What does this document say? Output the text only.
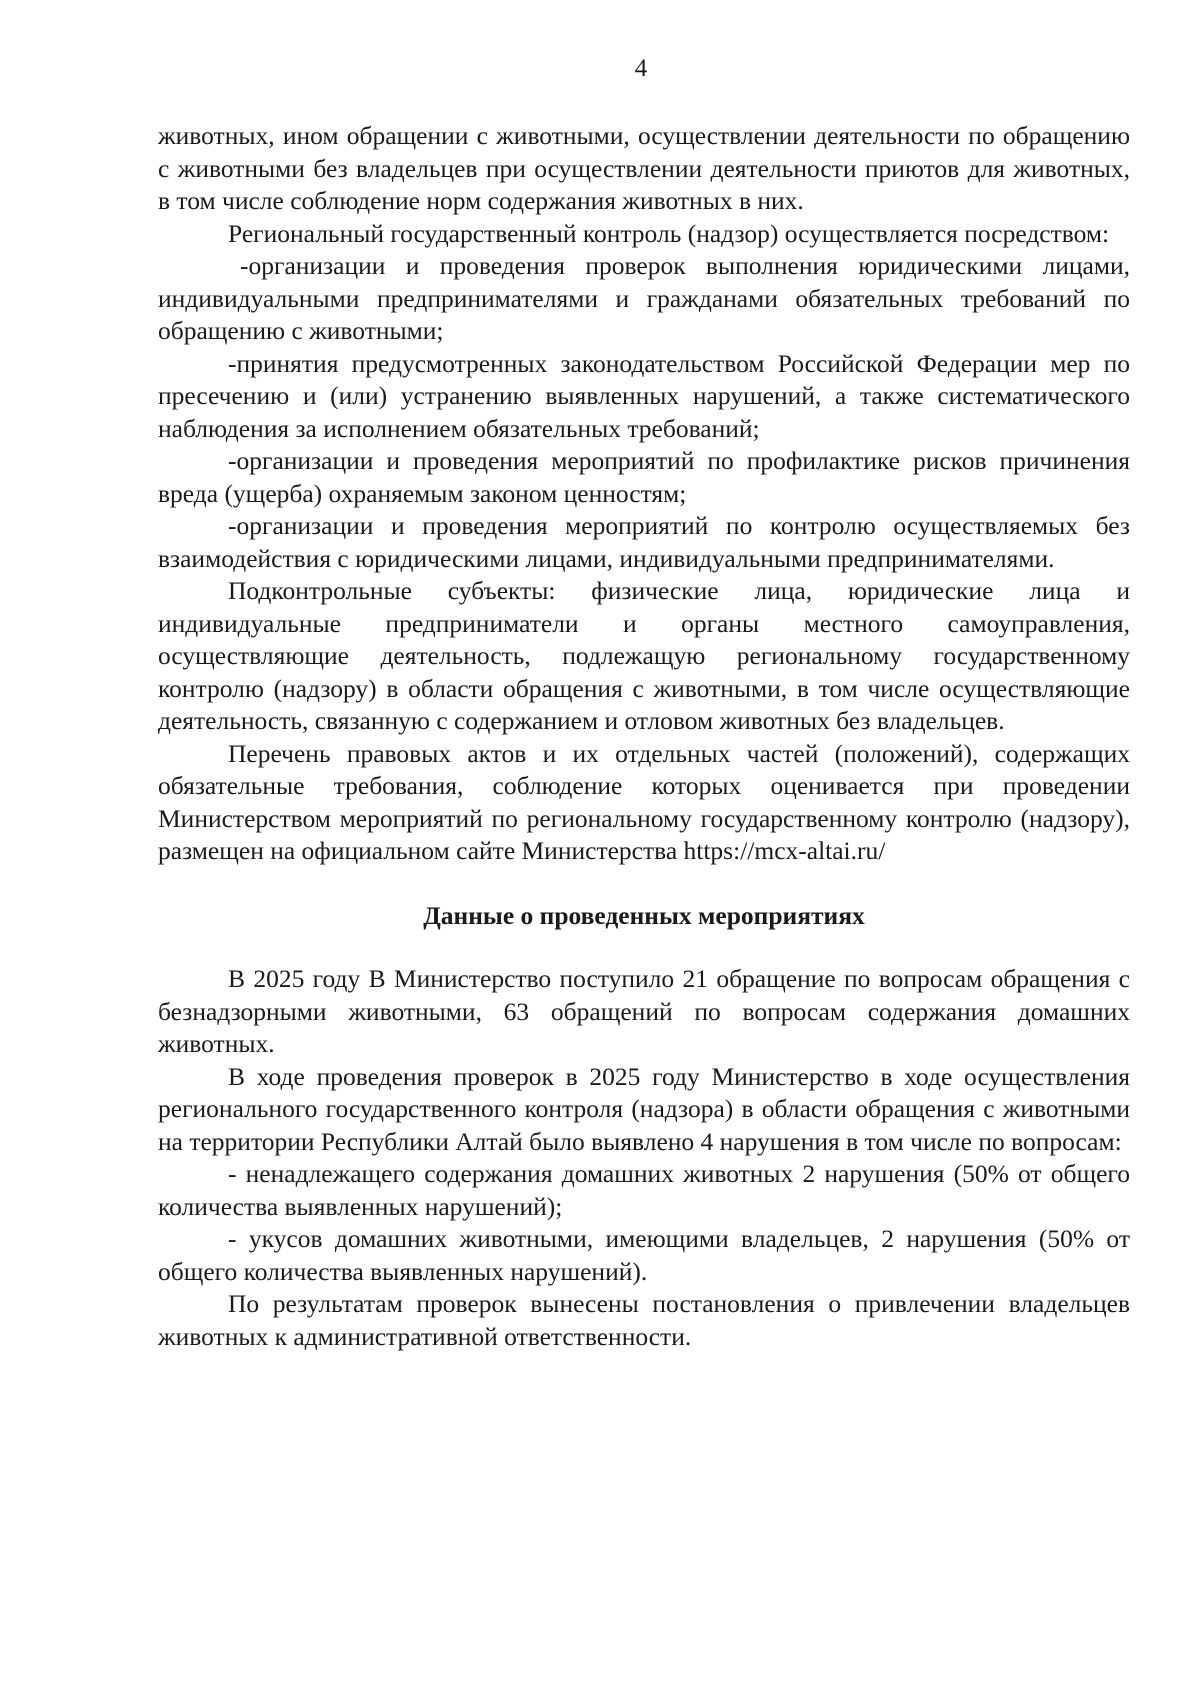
4

животных, ином обращении с животными, осуществлении деятельности по обращению с животными без владельцев при осуществлении деятельности приютов для животных, в том числе соблюдение норм содержания животных в них.

Региональный государственный контроль (надзор) осуществляется посредством:

-организации и проведения проверок выполнения юридическими лицами, индивидуальными предпринимателями и гражданами обязательных требований по обращению с животными;

-принятия предусмотренных законодательством Российской Федерации мер по пресечению и (или) устранению выявленных нарушений, а также систематического наблюдения за исполнением обязательных требований;

-организации и проведения мероприятий по профилактике рисков причинения вреда (ущерба) охраняемым законом ценностям;

-организации и проведения мероприятий по контролю осуществляемых без взаимодействия с юридическими лицами, индивидуальными предпринимателями.

Подконтрольные субъекты: физические лица, юридические лица и индивидуальные предприниматели и органы местного самоуправления, осуществляющие деятельность, подлежащую региональному государственному контролю (надзору) в области обращения с животными, в том числе осуществляющие деятельность, связанную с содержанием и отловом животных без владельцев.

Перечень правовых актов и их отдельных частей (положений), содержащих обязательные требования, соблюдение которых оценивается при проведении Министерством мероприятий по региональному государственному контролю (надзору), размещен на официальном сайте Министерства https://mcx-altai.ru/

Данные о проведенных мероприятиях

В 2025 году В Министерство поступило 21 обращение по вопросам обращения с безнадзорными животными, 63 обращений по вопросам содержания домашних животных.

В ходе проведения проверок в 2025 году Министерство в ходе осуществления регионального государственного контроля (надзора) в области обращения с животными на территории Республики Алтай было выявлено 4 нарушения в том числе по вопросам:

- ненадлежащего содержания домашних животных 2 нарушения (50% от общего количества выявленных нарушений);

- укусов домашних животными, имеющими владельцев, 2 нарушения (50% от общего количества выявленных нарушений).

По результатам проверок вынесены постановления о привлечении владельцев животных к административной ответственности.
